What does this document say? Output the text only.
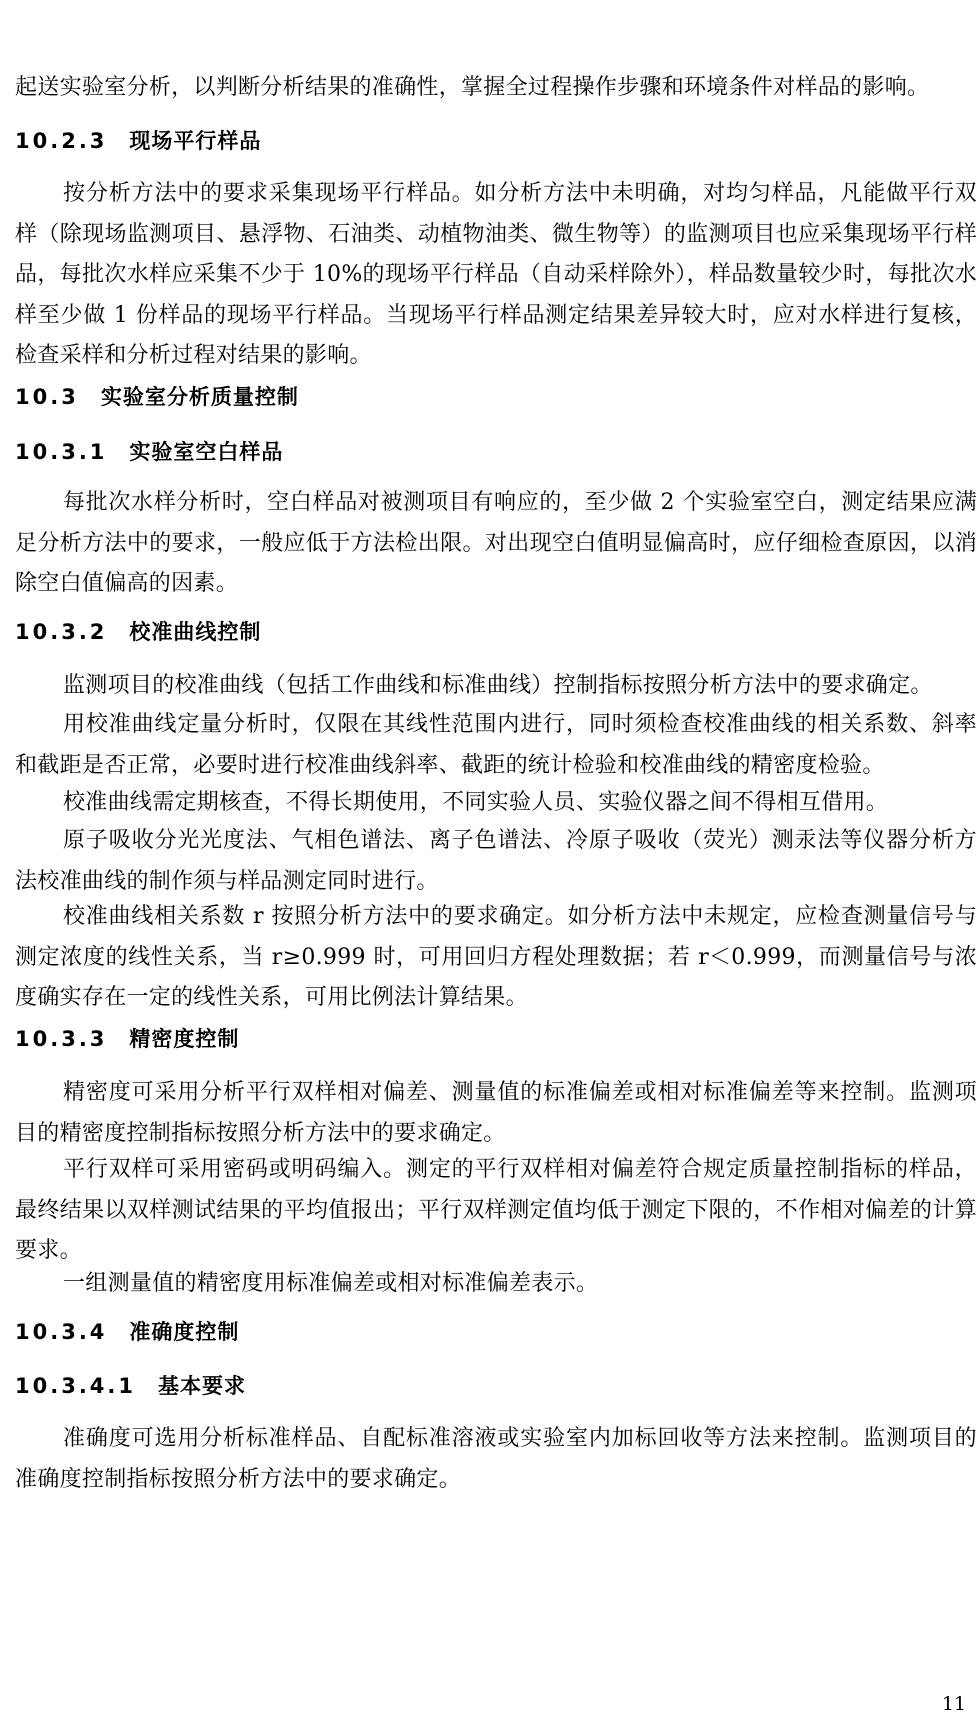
起送实验室分析，以判断分析结果的准确性，掌握全过程操作步骤和环境条件对样品的影响。

10.2.3 现场平行样品

按分析方法中的要求采集现场平行样品。如分析方法中未明确，对均匀样品，凡能做平行双样（除现场监测项目、悬浮物、石油类、动植物油类、微生物等）的监测项目也应采集现场平行样品，每批次水样应采集不少于 10%的现场平行样品（自动采样除外），样品数量较少时，每批次水样至少做 1 份样品的现场平行样品。当现场平行样品测定结果差异较大时，应对水样进行复核，检查采样和分析过程对结果的影响。

10.3 实验室分析质量控制
10.3.1 实验室空白样品

每批次水样分析时，空白样品对被测项目有响应的，至少做 2 个实验室空白，测定结果应满足分析方法中的要求，一般应低于方法检出限。对出现空白值明显偏高时，应仔细检查原因，以消除空白值偏高的因素。

10.3.2 校准曲线控制

监测项目的校准曲线（包括工作曲线和标准曲线）控制指标按照分析方法中的要求确定。

用校准曲线定量分析时，仅限在其线性范围内进行，同时须检查校准曲线的相关系数、斜率和截距是否正常，必要时进行校准曲线斜率、截距的统计检验和校准曲线的精密度检验。

校准曲线需定期核查，不得长期使用，不同实验人员、实验仪器之间不得相互借用。

原子吸收分光光度法、气相色谱法、离子色谱法、冷原子吸收（荧光）测汞法等仪器分析方法校准曲线的制作须与样品测定同时进行。

校准曲线相关系数 r 按照分析方法中的要求确定。如分析方法中未规定，应检查测量信号与测定浓度的线性关系，当 r≥0.999 时，可用回归方程处理数据；若 r＜0.999，而测量信号与浓度确实存在一定的线性关系，可用比例法计算结果。

10.3.3 精密度控制

精密度可采用分析平行双样相对偏差、测量值的标准偏差或相对标准偏差等来控制。监测项目的精密度控制指标按照分析方法中的要求确定。

平行双样可采用密码或明码编入。测定的平行双样相对偏差符合规定质量控制指标的样品，最终结果以双样测试结果的平均值报出；平行双样测定值均低于测定下限的，不作相对偏差的计算要求。

一组测量值的精密度用标准偏差或相对标准偏差表示。

10.3.4 准确度控制
10.3.4.1 基本要求

准确度可选用分析标准样品、自配标准溶液或实验室内加标回收等方法来控制。监测项目的准确度控制指标按照分析方法中的要求确定。

11
